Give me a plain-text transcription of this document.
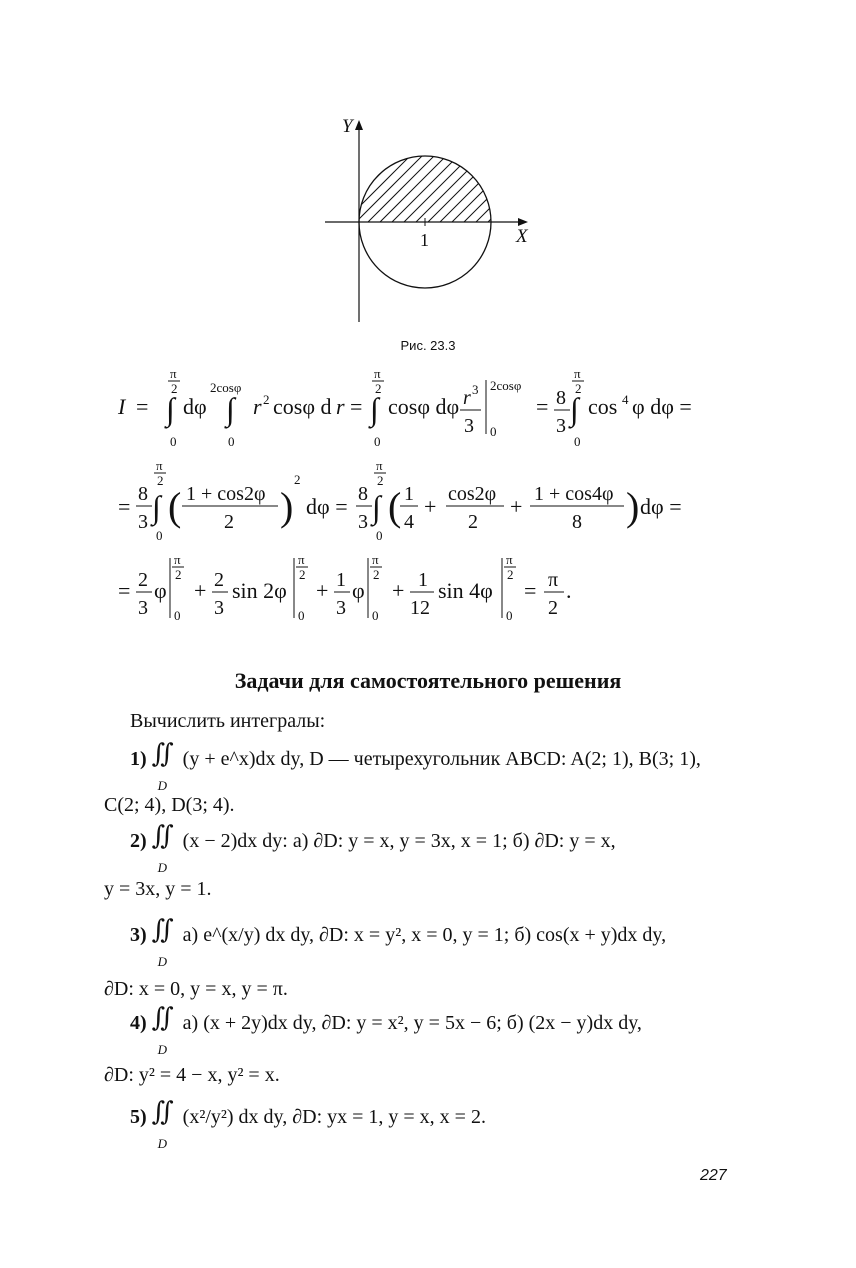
Y
X
1
Рис. 23.3
I = ∫
π
2
0
dφ ∫
2cosφ
0
r 2 cosφ d r = ∫
π
2
0
cosφ dφ r 3
3
2cosφ
0
= 8
3 ∫
π
2
0
cos 4 φ dφ =
= 8
3 ∫
π
2
0
( 1 + cos2φ
2 )
2
dφ = 8
3 ∫
π
2
0
( 1
4
+ cos2φ
2
+ 1 + cos4φ
8 ) dφ =
= 2
3
φ
π
2
0
+ 2
3
sin 2φ
π
2
0
+ 1
3
φ
π
2
0
+ 1
12
sin 4φ
π
2
0
= π
2
.
Задачи для самостоятельного решения
Вычислить интегралы:
1) ∬
D
(y + e^x)dx dy, D — четырехугольник ABCD: A(2; 1), B(3; 1),
C(2; 4), D(3; 4).
2) ∬
D
(x − 2)dx dy: а) ∂D: y = x, y = 3x, x = 1; б) ∂D: y = x,
y = 3x, y = 1.
3) ∬
D
а) e^(x/y) dx dy, ∂D: x = y², x = 0, y = 1; б) cos(x + y)dx dy,
∂D: x = 0, y = x, y = π.
4) ∬
D
а) (x + 2y)dx dy, ∂D: y = x², y = 5x − 6; б) (2x − y)dx dy,
∂D: y² = 4 − x, y² = x.
5) ∬
D
(x²/y²) dx dy, ∂D: yx = 1, y = x, x = 2.
227
